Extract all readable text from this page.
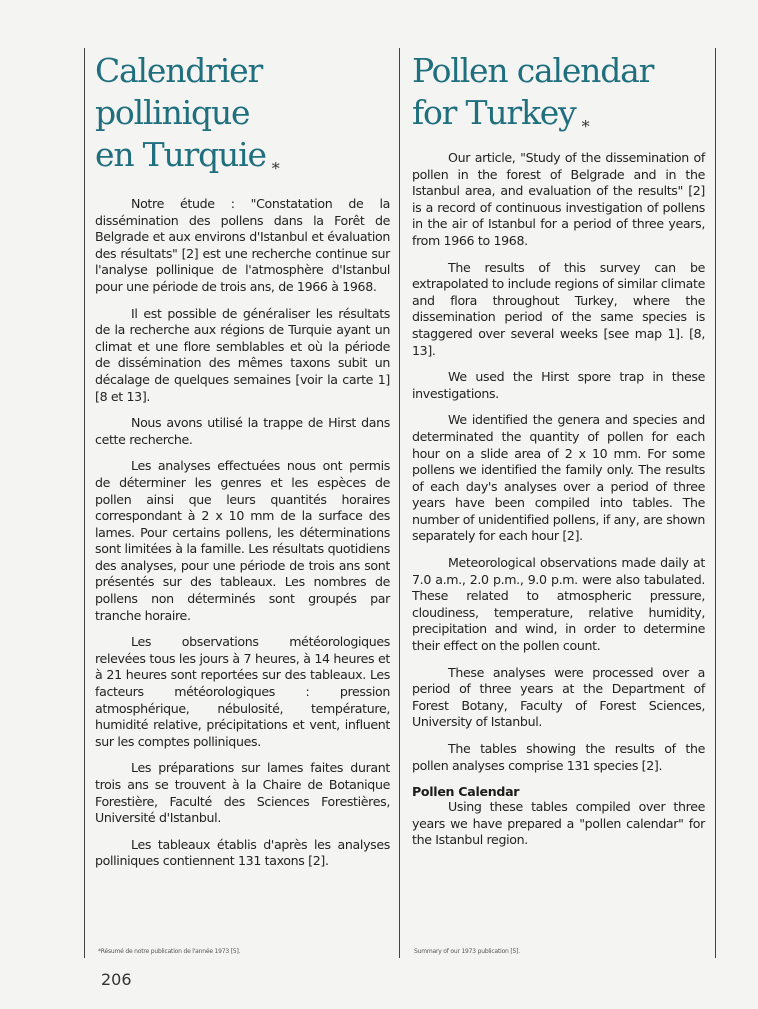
Calendrier
pollinique
en Turquie *

Notre étude : "Constatation de la dissémination des pollens dans la Forêt de Belgrade et aux environs d'Istanbul et évaluation des résultats" [2] est une recherche continue sur l'analyse pollinique de l'atmosphère d'Istanbul pour une période de trois ans, de 1966 à 1968.

Il est possible de généraliser les résultats de la recherche aux régions de Turquie ayant un climat et une flore semblables et où la période de dissémination des mêmes taxons subit un décalage de quelques semaines [voir la carte 1] [8 et 13].

Nous avons utilisé la trappe de Hirst dans cette recherche.

Les analyses effectuées nous ont permis de déterminer les genres et les espèces de pollen ainsi que leurs quantités horaires correspondant à 2 x 10 mm de la surface des lames. Pour certains pollens, les déterminations sont limitées à la famille. Les résultats quotidiens des analyses, pour une période de trois ans sont présentés sur des tableaux. Les nombres de pollens non déterminés sont groupés par tranche horaire.

Les observations météorologiques relevées tous les jours à 7 heures, à 14 heures et à 21 heures sont reportées sur des tableaux. Les facteurs météorologiques : pression atmosphérique, nébulosité, température, humidité relative, précipitations et vent, influent sur les comptes polliniques.

Les préparations sur lames faites durant trois ans se trouvent à la Chaire de Botanique Forestière, Faculté des Sciences Forestières, Université d'Istanbul.

Les tableaux établis d'après les analyses polliniques contiennent 131 taxons [2].

Pollen calendar
for Turkey *

Our article, "Study of the dissemination of pollen in the forest of Belgrade and in the Istanbul area, and evaluation of the results" [2] is a record of continuous investigation of pollens in the air of Istanbul for a period of three years, from 1966 to 1968.

The results of this survey can be extrapolated to include regions of similar climate and flora throughout Turkey, where the dissemination period of the same species is staggered over several weeks [see map 1]. [8, 13].

We used the Hirst spore trap in these investigations.

We identified the genera and species and determinated the quantity of pollen for each hour on a slide area of 2 x 10 mm. For some pollens we identified the family only. The results of each day's analyses over a period of three years have been compiled into tables. The number of unidentified pollens, if any, are shown separately for each hour [2].

Meteorological observations made daily at 7.0 a.m., 2.0 p.m., 9.0 p.m. were also tabulated. These related to atmospheric pressure, cloudiness, temperature, relative humidity, precipitation and wind, in order to determine their effect on the pollen count.

These analyses were processed over a period of three years at the Department of Forest Botany, Faculty of Forest Sciences, University of Istanbul.

The tables showing the results of the pollen analyses comprise 131 species [2].

Pollen Calendar

Using these tables compiled over three years we have prepared a "pollen calendar" for the Istanbul region.

*Résumé de notre publication de l'année 1973 [5].	Summary of our 1973 publication [5].
206
